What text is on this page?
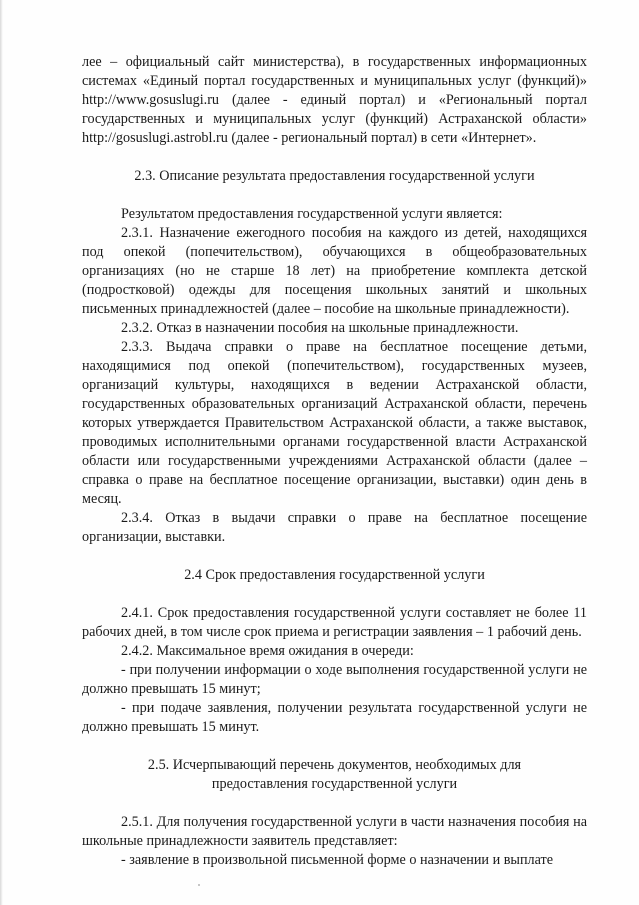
лее – официальный сайт министерства), в государственных информационных системах «Единый портал государственных и муниципальных услуг (функций)» http://www.gosuslugi.ru (далее - единый портал) и «Региональный портал государственных и муниципальных услуг (функций) Астраханской области» http://gosuslugi.astrobl.ru (далее - региональный портал) в сети «Интернет».

2.3. Описание результата предоставления государственной услуги

Результатом предоставления государственной услуги является:

2.3.1. Назначение ежегодного пособия на каждого из детей, находящихся под опекой (попечительством), обучающихся в общеобразовательных организациях (но не старше 18 лет) на приобретение комплекта детской (подростковой) одежды для посещения школьных занятий и школьных письменных принадлежностей (далее – пособие на школьные принадлежности).

2.3.2. Отказ в назначении пособия на школьные принадлежности.

2.3.3. Выдача справки о праве на бесплатное посещение детьми, находящимися под опекой (попечительством), государственных музеев, организаций культуры, находящихся в ведении Астраханской области, государственных образовательных организаций Астраханской области, перечень которых утверждается Правительством Астраханской области, а также выставок, проводимых исполнительными органами государственной власти Астраханской области или государственными учреждениями Астраханской области (далее – справка о праве на бесплатное посещение организации, выставки) один день в месяц.

2.3.4. Отказ в выдачи справки о праве на бесплатное посещение организации, выставки.

2.4 Срок предоставления государственной услуги

2.4.1. Срок предоставления государственной услуги составляет не более 11 рабочих дней, в том числе срок приема и регистрации заявления – 1 рабочий день.

2.4.2. Максимальное время ожидания в очереди:

- при получении информации о ходе выполнения государственной услуги не должно превышать 15 минут;

- при подаче заявления, получении результата государственной услуги не должно превышать 15 минут.

2.5. Исчерпывающий перечень документов, необходимых для

предоставления государственной услуги

2.5.1. Для получения государственной услуги в части назначения пособия на школьные принадлежности заявитель представляет:

- заявление в произвольной письменной форме о назначении и выплате
